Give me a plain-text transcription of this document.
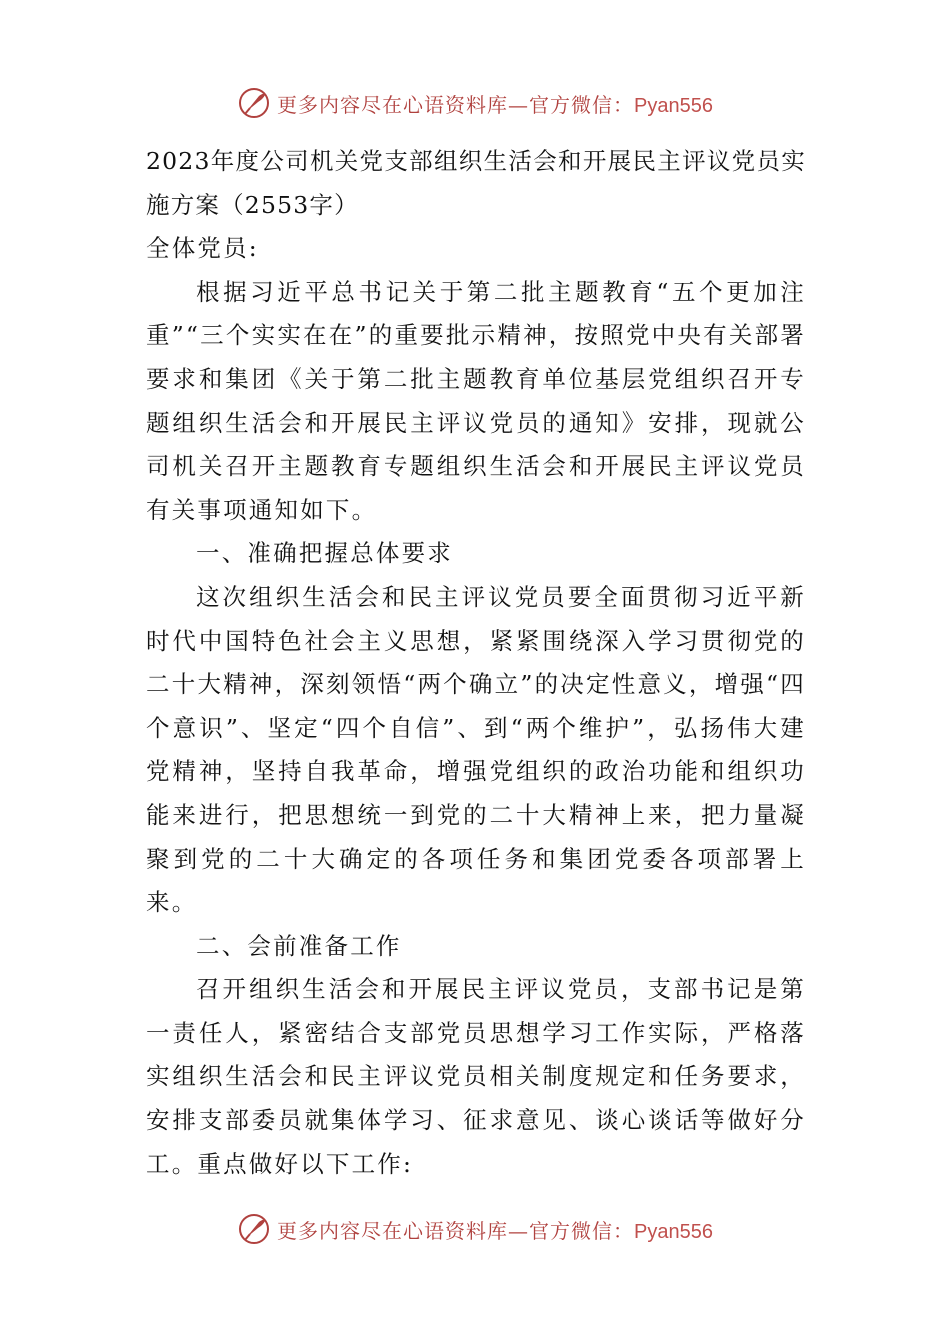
更多内容尽在心语资料库—官方微信：Pyan556

2023年度公司机关党支部组织生活会和开展民主评议党员实施方案（2553字）

全体党员:

根据习近平总书记关于第二批主题教育“五个更加注重”“三个实实在在”的重要批示精神，按照党中央有关部署要求和集团《关于第二批主题教育单位基层党组织召开专题组织生活会和开展民主评议党员的通知》安排，现就公司机关召开主题教育专题组织生活会和开展民主评议党员有关事项通知如下。

一、准确把握总体要求

这次组织生活会和民主评议党员要全面贯彻习近平新时代中国特色社会主义思想，紧紧围绕深入学习贯彻党的二十大精神，深刻领悟“两个确立”的决定性意义，增强“四个意识”、坚定“四个自信”、到“两个维护”，弘扬伟大建党精神，坚持自我革命，增强党组织的政治功能和组织功能来进行，把思想统一到党的二十大精神上来，把力量凝聚到党的二十大确定的各项任务和集团党委各项部署上来。

二、会前准备工作

召开组织生活会和开展民主评议党员，支部书记是第一责任人，紧密结合支部党员思想学习工作实际，严格落实组织生活会和民主评议党员相关制度规定和任务要求，安排支部委员就集体学习、征求意见、谈心谈话等做好分工。重点做好以下工作:

更多内容尽在心语资料库—官方微信：Pyan556
